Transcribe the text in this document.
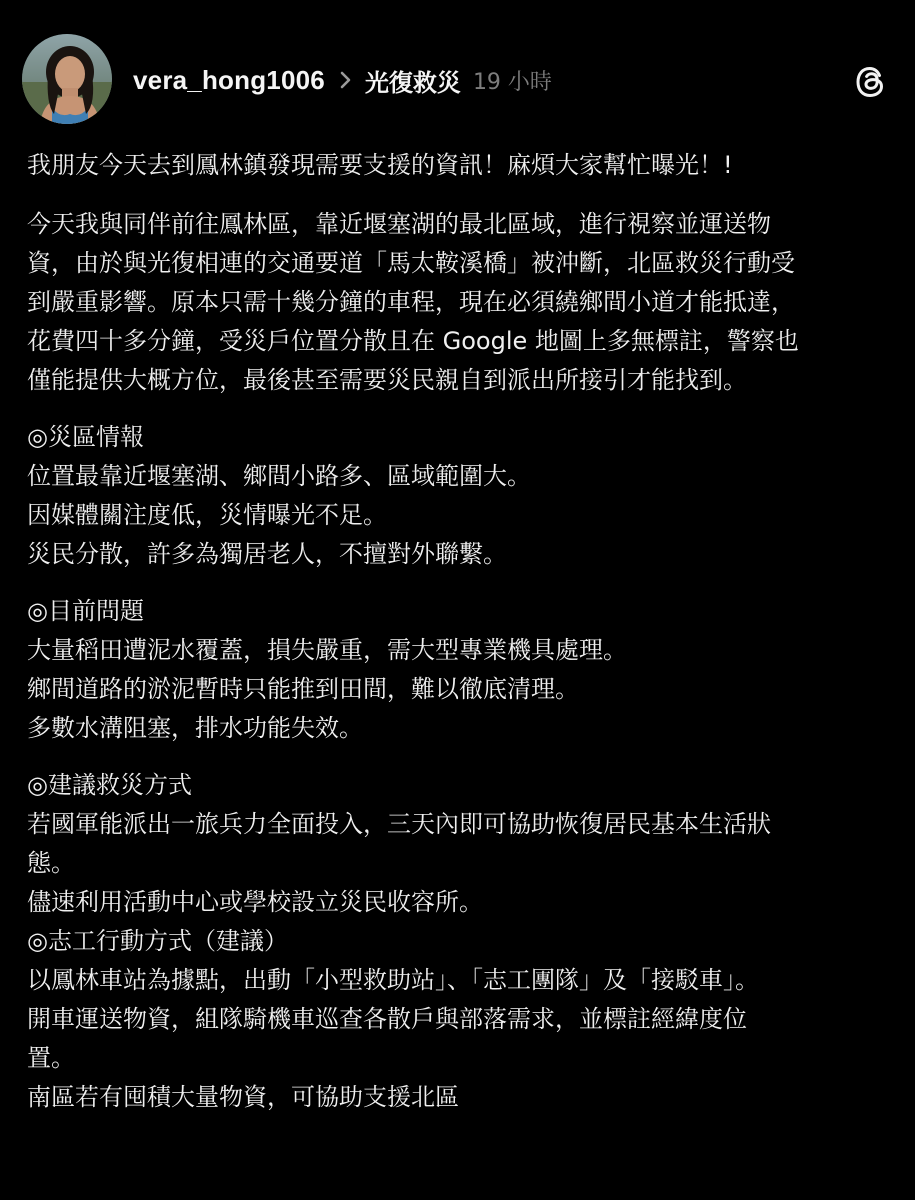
vera_hong1006 光復救災 19 小時

我朋友今天去到鳳林鎮發現需要支援的資訊！麻煩大家幫忙曝光！!

今天我與同伴前往鳳林區，靠近堰塞湖的最北區域，進行視察並運送物

資，由於與光復相連的交通要道「馬太鞍溪橋」被沖斷，北區救災行動受

到嚴重影響。原本只需十幾分鐘的車程，現在必須繞鄉間小道才能抵達，

花費四十多分鐘，受災戶位置分散且在 Google 地圖上多無標註，警察也

僅能提供大概方位，最後甚至需要災民親自到派出所接引才能找到。

◎災區情報

位置最靠近堰塞湖、鄉間小路多、區域範圍大。

因媒體關注度低，災情曝光不足。

災民分散，許多為獨居老人，不擅對外聯繫。

◎目前問題

大量稻田遭泥水覆蓋，損失嚴重，需大型專業機具處理。

鄉間道路的淤泥暫時只能推到田間，難以徹底清理。

多數水溝阻塞，排水功能失效。

◎建議救災方式

若國軍能派出一旅兵力全面投入，三天內即可協助恢復居民基本生活狀

態。

儘速利用活動中心或學校設立災民收容所。

◎志工行動方式（建議）

以鳳林車站為據點，出動「小型救助站」、「志工團隊」及「接駁車」。

開車運送物資，組隊騎機車巡查各散戶與部落需求，並標註經緯度位

置。

南區若有囤積大量物資，可協助支援北區
